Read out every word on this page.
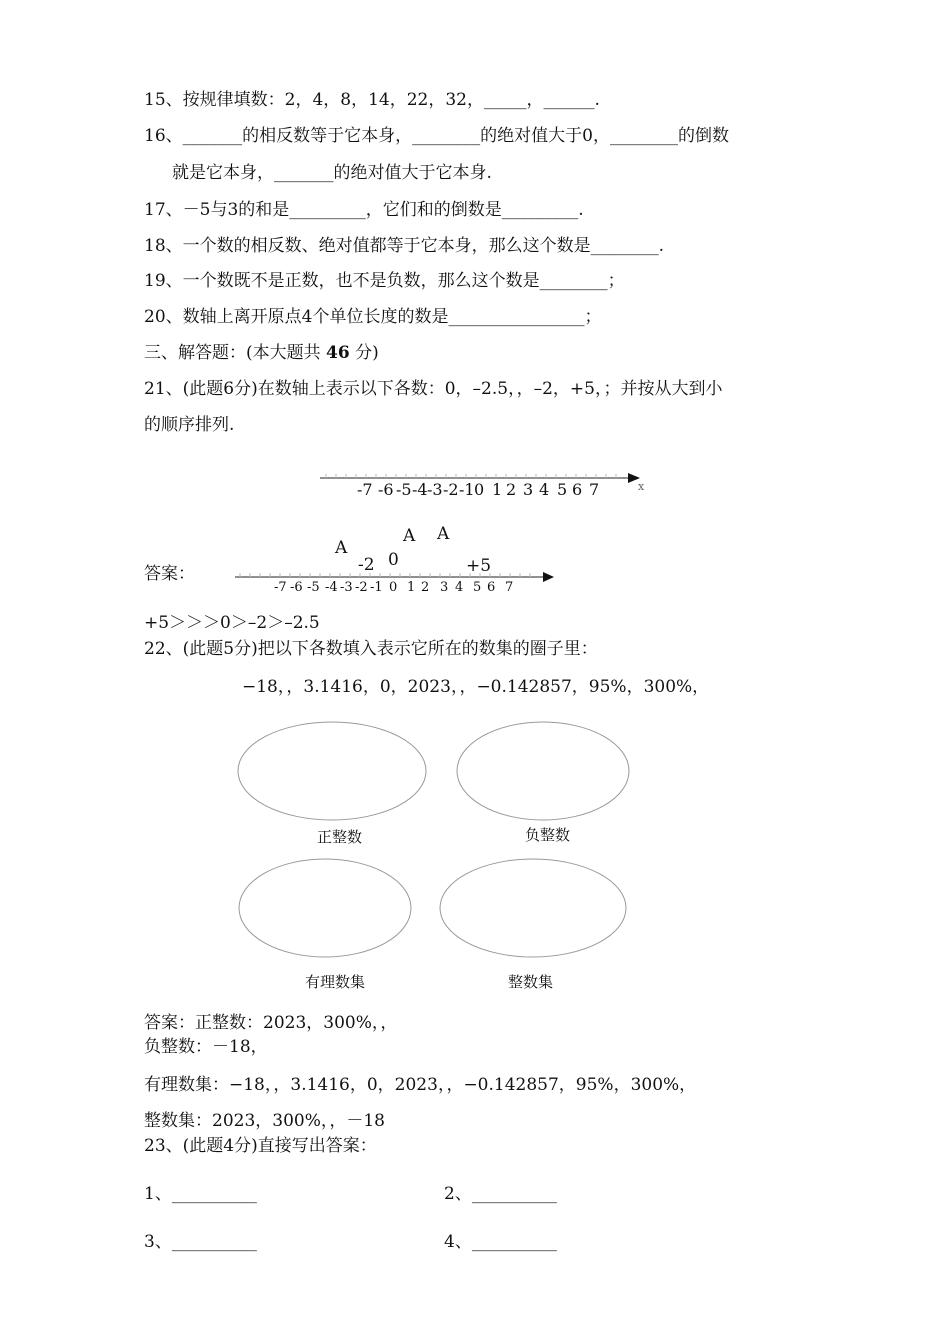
15、按规律填数：2，4，8，14，22，32，_____，______.
16、_______的相反数等于它本身，________的绝对值大于0，________的倒数
就是它本身，_______的绝对值大于它本身.
17、－5与3的和是_________，它们和的倒数是_________.
18、一个数的相反数、绝对值都等于它本身，那么这个数是________.
19、一个数既不是正数，也不是负数，那么这个数是________；
20、数轴上离开原点4个单位长度的数是________________；
三、解答题：(本大题共 46 分)
21、(此题6分)在数轴上表示以下各数：0，–2.5，，–2，+5，；并按从大到小
的顺序排列.
x
-7 -6 -5 -4 -3 -2 -1 0 1 2 3 4 5 6 7
答案：
A
-2 0
A A
+5
-7 -6 -5 -4 -3 -2 -1 0 1 2 3 4 5 6 7
+5＞＞＞0＞–2＞–2.5
22、(此题5分)把以下各数填入表示它所在的数集的圈子里：
−18，，3.1416，0，2023，，−0.142857，95%，300%，
正整数	负整数
有理数集	整数集
答案：正整数：2023，300%，，
负整数：－18，
有理数集：−18，，3.1416，0，2023，，−0.142857，95%，300%，
整数集：2023，300%，，－18
23、(此题4分)直接写出答案：
1、__________	2、__________
3、__________	4、__________
